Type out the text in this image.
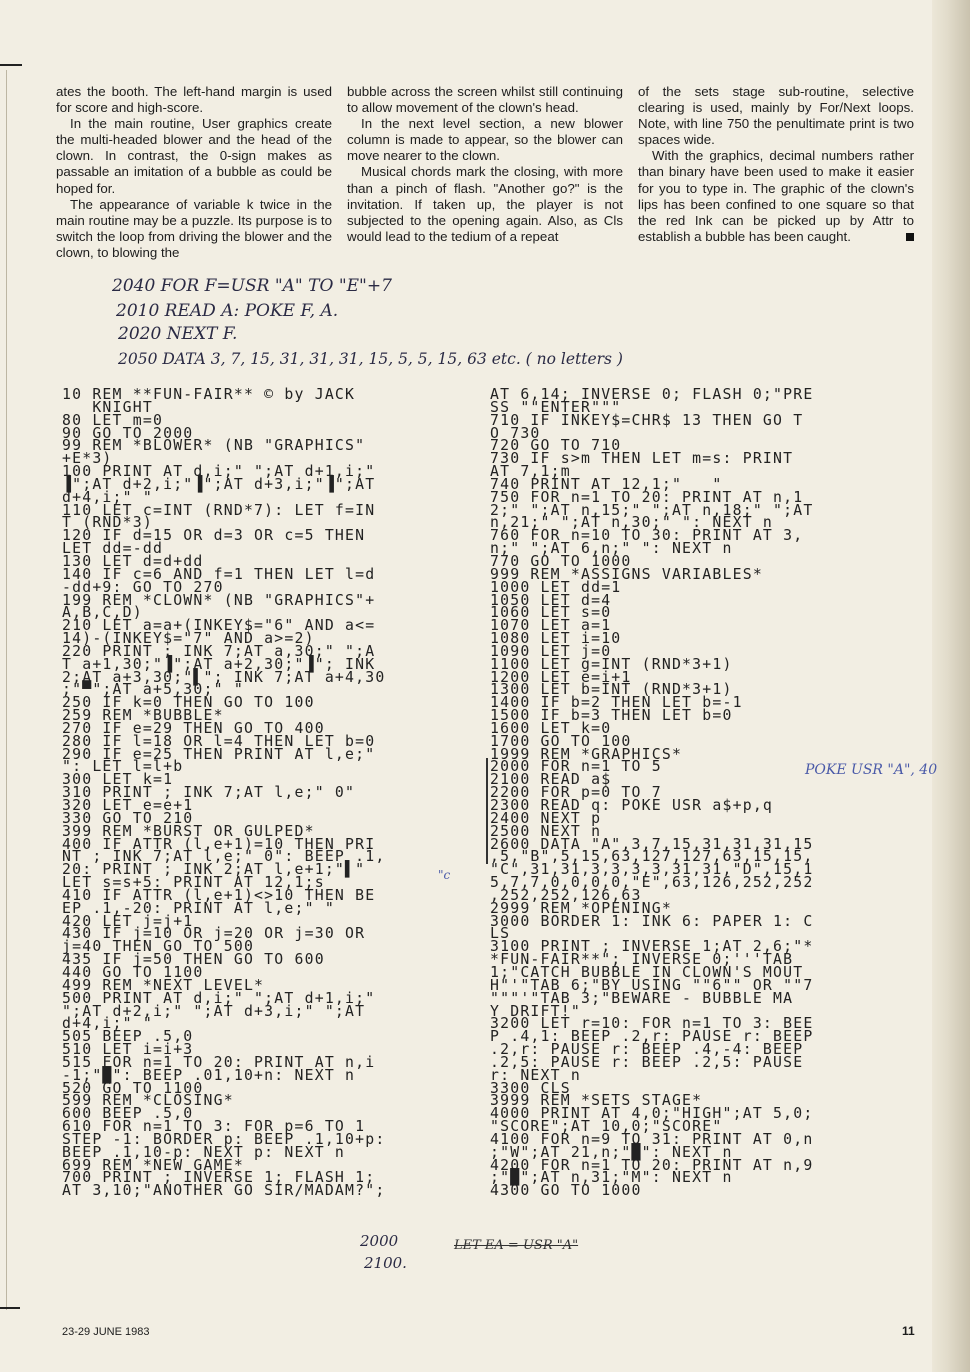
ates the booth. The left-hand margin is used for score and high-score.

In the main routine, User graphics create the multi-headed blower and the head of the clown. In contrast, the 0-sign makes as passable an imitation of a bubble as could be hoped for.

The appearance of variable k twice in the main routine may be a puzzle. Its purpose is to switch the loop from driving the blower and the clown, to blowing the

bubble across the screen whilst still continuing to allow movement of the clown's head.

In the next level section, a new blower column is made to appear, so the blower can move nearer to the clown.

Musical chords mark the closing, with more than a pinch of flash. "Another go?" is the invitation. If taken up, the player is not subjected to the opening again. Also, as Cls would lead to the tedium of a repeat

of the sets stage sub-routine, selective clearing is used, mainly by For/Next loops. Note, with line 750 the penultimate print is two spaces wide.

With the graphics, decimal numbers rather than binary have been used to make it easier for you to type in. The graphic of the clown's lips has been confined to one square so that the red Ink can be picked up by Attr to establish a bubble has been caught.

2040 FOR F=USR "A" TO "E"+7
2010 READ A: POKE F, A.
2020 NEXT F.
2050 DATA 3, 7, 15, 31, 31, 31, 15, 5, 5, 15, 63 etc. ( no letters )
10 REM **FUN-FAIR** © by JACK
KNIGHT
80 LET m=0
90 GO TO 2000
99 REM *BLOWER* (NB "GRAPHICS"
+E*3)
100 PRINT AT d,i;" ";AT d+1,i;"
▐";AT d+2,i;"▐";AT d+3,i;"▐";AT
d+4,i;" "
110 LET c=INT (RND*7): LET f=IN
T (RND*3)
120 IF d=15 OR d=3 OR c=5 THEN
LET dd=-dd
130 LET d=d+dd
140 IF c=6 AND f=1 THEN LET l=d
-dd+9: GO TO 270
199 REM *CLOWN* (NB "GRAPHICS"+
A,B,C,D)
210 LET a=a+(INKEY$="6" AND a<=
14)-(INKEY$="7" AND a>=2)
220 PRINT ; INK 7;AT a,30;" ";A
T a+1,30;"▐";AT a+2,30;"▐"; INK
2;AT a+3,30;"▌"; INK 7;AT a+4,30
;"▀";AT a+5,30;" "
250 IF k=0 THEN GO TO 100
259 REM *BUBBLE*
270 IF e=29 THEN GO TO 400
280 IF l=18 OR l=4 THEN LET b=0
290 IF e=25 THEN PRINT AT l,e;"
": LET l=l+b
300 LET k=1
310 PRINT ; INK 7;AT l,e;" 0"
320 LET e=e+1
330 GO TO 210
399 REM *BURST OR GULPED*
400 IF ATTR (l,e+1)=10 THEN PRI
NT ; INK 7;AT l,e;" 0": BEEP .1,
20: PRINT ; INK 2;AT l,e+1;"▌"
LET s=s+5: PRINT AT 12,1;s
410 IF ATTR (l,e+1)<>10 THEN BE
EP .1,-20: PRINT AT l,e;" "
420 LET j=j+1
430 IF j=10 OR j=20 OR j=30 OR
j=40 THEN GO TO 500
435 IF j=50 THEN GO TO 600
440 GO TO 1100
499 REM *NEXT LEVEL*
500 PRINT AT d,i;" ";AT d+1,i;"
";AT d+2,i;" ";AT d+3,i;" ";AT
d+4,i;" "
505 BEEP .5,0
510 LET i=i+3
515 FOR n=1 TO 20: PRINT AT n,i
-1;"█": BEEP .01,10+n: NEXT n
520 GO TO 1100
599 REM *CLOSING*
600 BEEP .5,0
610 FOR n=1 TO 3: FOR p=6 TO 1
STEP -1: BORDER p: BEEP .1,10+p:
BEEP .1,10-p: NEXT p: NEXT n
699 REM *NEW GAME*
700 PRINT ; INVERSE 1; FLASH 1;
AT 3,10;"ANOTHER GO SIR/MADAM?";
AT 6,14; INVERSE 0; FLASH 0;"PRE
SS ""ENTER"""
710 IF INKEY$=CHR$ 13 THEN GO T
O 730
720 GO TO 710
730 IF s>m THEN LET m=s: PRINT
AT 7,1;m
740 PRINT AT 12,1;"   "
750 FOR n=1 TO 20: PRINT AT n,1
2;" ";AT n,15;" ";AT n,18;" ";AT
n,21;" ";AT n,30;" ": NEXT n
760 FOR n=10 TO 30: PRINT AT 3,
n;" ";AT 6,n;" ": NEXT n
770 GO TO 1000
999 REM *ASSIGNS VARIABLES*
1000 LET dd=1
1050 LET d=4
1060 LET s=0
1070 LET a=1
1080 LET i=10
1090 LET j=0
1100 LET g=INT (RND*3+1)
1200 LET e=i+1
1300 LET b=INT (RND*3+1)
1400 IF b=2 THEN LET b=-1
1500 IF b=3 THEN LET b=0
1600 LET k=0
1700 GO TO 100
1999 REM *GRAPHICS*
2000 FOR n=1 TO 5
2100 READ a$
2200 FOR p=0 TO 7
2300 READ q: POKE USR a$+p,q
2400 NEXT p
2500 NEXT n
2600 DATA "A",3,7,15,31,31,31,15
,5,"B",5,15,63,127,127,63,15,15,
"C",31,31,3,3,3,3,31,31,"D",15,1
5,7,7,0,0,0,0,"E",63,126,252,252
,252,252,126,63
2999 REM *OPENING*
3000 BORDER 1: INK 6: PAPER 1: C
LS
3100 PRINT ; INVERSE 1;AT 2,6;"*
*FUN-FAIR**"; INVERSE 0;'''TAB
1;"CATCH BUBBLE IN CLOWN'S MOUT
H"'"TAB 6;"BY USING ""6"" OR ""7
"""'"TAB 3;"BEWARE - BUBBLE MA
Y DRIFT!"
3200 LET r=10: FOR n=1 TO 3: BEE
P .4,1: BEEP .2,r: PAUSE r: BEEP
.2,r: PAUSE r: BEEP .4,-4: BEEP
.2,5: PAUSE r: BEEP .2,5: PAUSE
r: NEXT n
3300 CLS
3999 REM *SETS STAGE*
4000 PRINT AT 4,0;"HIGH";AT 5,0;
"SCORE";AT 10,0;"SCORE"
4100 FOR n=9 TO 31: PRINT AT 0,n
;"W";AT 21,n;"█": NEXT n
4200 FOR n=1 TO 20: PRINT AT n,9
;"█";AT n,31;"M": NEXT n
4300 GO TO 1000
POKE USR "A", 40
"c
2000
2100.
LET EA = USR "A"
23-29 JUNE 1983	11
